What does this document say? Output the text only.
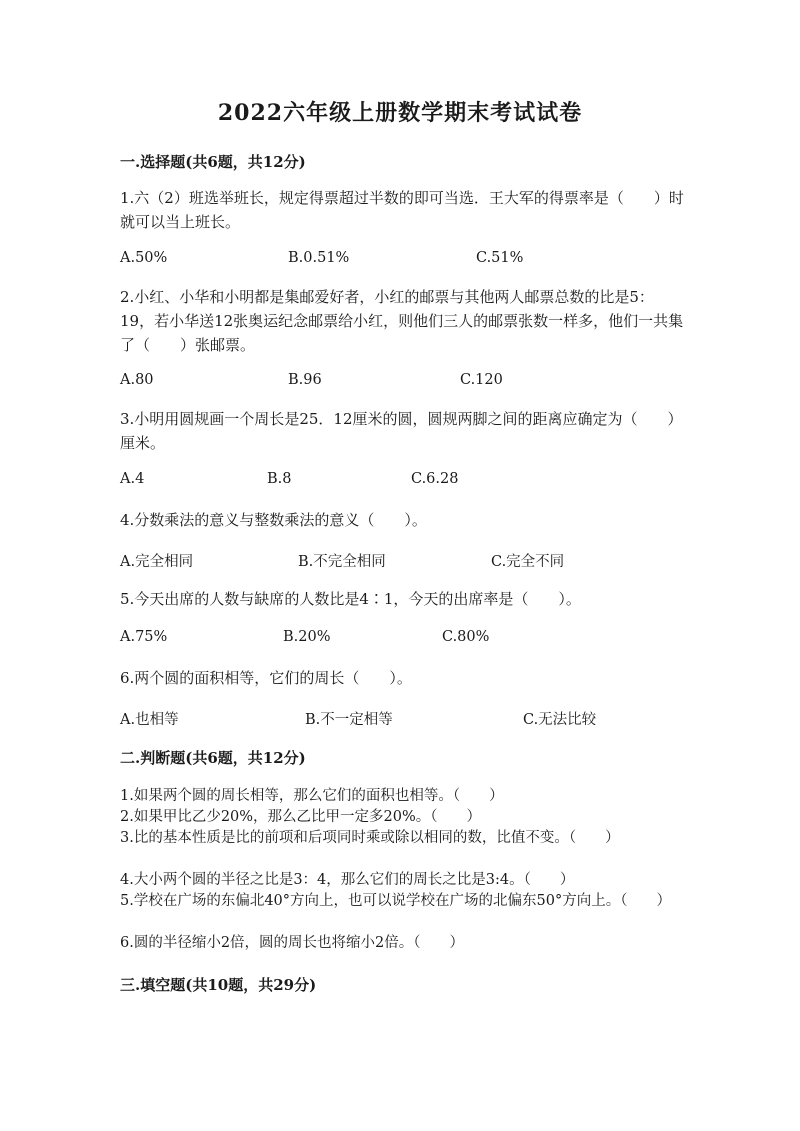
2022六年级上册数学期末考试试卷
一.选择题(共6题，共12分)
1.六（2）班选举班长，规定得票超过半数的即可当选．王大军的得票率是（　　）时就可以当上班长。
A.50%	B.0.51%	C.51%
2.小红、小华和小明都是集邮爱好者，小红的邮票与其他两人邮票总数的比是5：19，若小华送12张奥运纪念邮票给小红，则他们三人的邮票张数一样多，他们一共集了（　　）张邮票。
A.80	B.96	C.120
3.小明用圆规画一个周长是25．12厘米的圆，圆规两脚之间的距离应确定为（　　）厘米。
A.4	B.8	C.6.28
4.分数乘法的意义与整数乘法的意义（　　）。
A.完全相同	B.不完全相同	C.完全不同
5.今天出席的人数与缺席的人数比是4∶1，今天的出席率是（　　）。
A.75%	B.20%	C.80%
6.两个圆的面积相等，它们的周长（　　）。
A.也相等	B.不一定相等	C.无法比较
二.判断题(共6题，共12分)
1.如果两个圆的周长相等，那么它们的面积也相等。（　　）
2.如果甲比乙少20%，那么乙比甲一定多20%。（　　）
3.比的基本性质是比的前项和后项同时乘或除以相同的数，比值不变。（　　）
4.大小两个圆的半径之比是3：4，那么它们的周长之比是3:4。（　　）
5.学校在广场的东偏北40°方向上，也可以说学校在广场的北偏东50°方向上。（　　）
6.圆的半径缩小2倍，圆的周长也将缩小2倍。（　　）
三.填空题(共10题，共29分)
